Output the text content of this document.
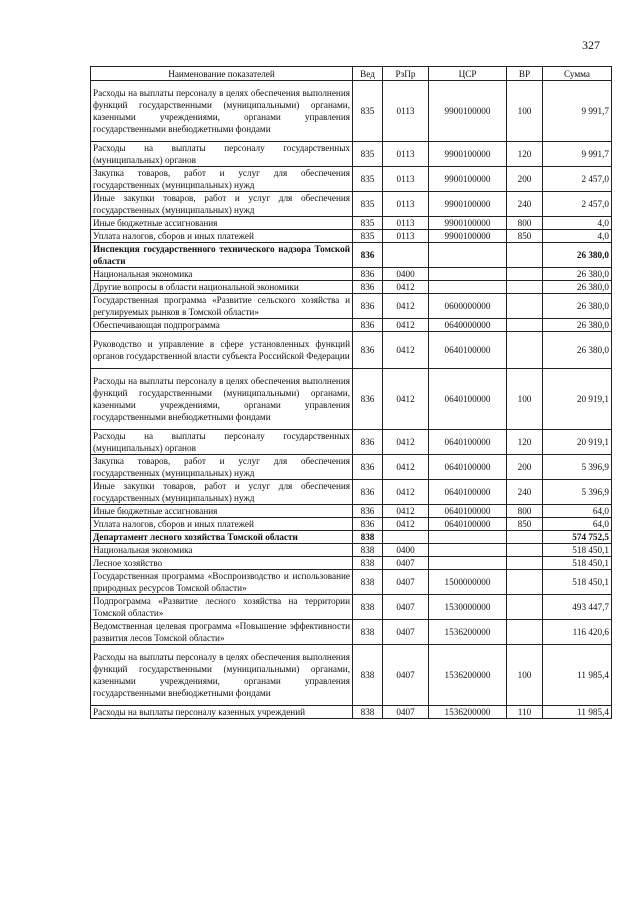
327
Наименование показателей	Вед	РзПр	ЦСР	ВР	Сумма
Расходы на выплаты персоналу в целях обеспечения выполнения функций государственными (муниципальными) органами, казенными учреждениями, органами управления государственными внебюджетными фондами	835	0113	9900100000	100	9 991,7
Расходы на выплаты персоналу государственных (муниципальных) органов	835	0113	9900100000	120	9 991,7
Закупка товаров, работ и услуг для обеспечения государственных (муниципальных) нужд	835	0113	9900100000	200	2 457,0
Иные закупки товаров, работ и услуг для обеспечения государственных (муниципальных) нужд	835	0113	9900100000	240	2 457,0
Иные бюджетные ассигнования	835	0113	9900100000	800	4,0
Уплата налогов, сборов и иных платежей	835	0113	9900100000	850	4,0
Инспекция государственного технического надзора Томской области	836				26 380,0
Национальная экономика	836	0400			26 380,0
Другие вопросы в области национальной экономики	836	0412			26 380,0
Государственная программа «Развитие сельского хозяйства и регулируемых рынков в Томской области»	836	0412	0600000000		26 380,0
Обеспечивающая подпрограмма	836	0412	0640000000		26 380,0
Руководство и управление в сфере установленных функций органов государственной власти субъекта Российской Федерации	836	0412	0640100000		26 380,0
Расходы на выплаты персоналу в целях обеспечения выполнения функций государственными (муниципальными) органами, казенными учреждениями, органами управления государственными внебюджетными фондами	836	0412	0640100000	100	20 919,1
Расходы на выплаты персоналу государственных (муниципальных) органов	836	0412	0640100000	120	20 919,1
Закупка товаров, работ и услуг для обеспечения государственных (муниципальных) нужд	836	0412	0640100000	200	5 396,9
Иные закупки товаров, работ и услуг для обеспечения государственных (муниципальных) нужд	836	0412	0640100000	240	5 396,9
Иные бюджетные ассигнования	836	0412	0640100000	800	64,0
Уплата налогов, сборов и иных платежей	836	0412	0640100000	850	64,0
Департамент лесного хозяйства Томской области	838				574 752,5
Национальная экономика	838	0400			518 450,1
Лесное хозяйство	838	0407			518 450,1
Государственная программа «Воспроизводство и использование природных ресурсов Томской области»	838	0407	1500000000		518 450,1
Подпрограмма «Развитие лесного хозяйства на территории Томской области»	838	0407	1530000000		493 447,7
Ведомственная целевая программа «Повышение эффективности развития лесов Томской области»	838	0407	1536200000		116 420,6
Расходы на выплаты персоналу в целях обеспечения выполнения функций государственными (муниципальными) органами, казенными учреждениями, органами управления государственными внебюджетными фондами	838	0407	1536200000	100	11 985,4
Расходы на выплаты персоналу казенных учреждений	838	0407	1536200000	110	11 985,4
